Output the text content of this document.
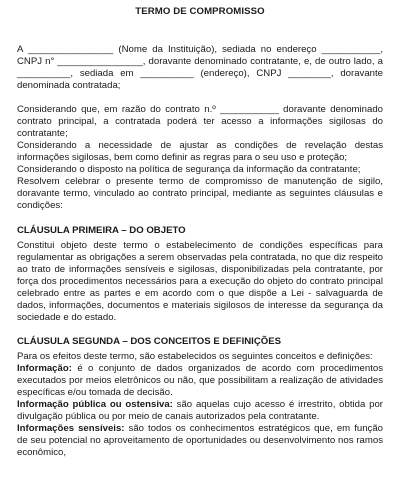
TERMO DE COMPROMISSO

A ________________ (Nome da Instituição), sediada no endereço ___________, CNPJ n° ________________, doravante denominado contratante, e, de outro lado, a __________, sediada em __________ (endereço), CNPJ ________, doravante denominada contratada;

Considerando que, em razão do contrato n.º ___________ doravante denominado contrato principal, a contratada poderá ter acesso a informações sigilosas do contratante;

Considerando a necessidade de ajustar as condições de revelação destas informações sigilosas, bem como definir as regras para o seu uso e proteção;

Considerando o disposto na política de segurança da informação da contratante;

Resolvem celebrar o presente termo de compromisso de manutenção de sigilo, doravante termo, vinculado ao contrato principal, mediante as seguintes cláusulas e condições:

CLÁUSULA PRIMEIRA – DO OBJETO

Constitui objeto deste termo o estabelecimento de condições específicas para regulamentar as obrigações a serem observadas pela contratada, no que diz respeito ao trato de informações sensíveis e sigilosas, disponibilizadas pela contratante, por força dos procedimentos necessários para a execução do objeto do contrato principal celebrado entre as partes e em acordo com o que dispõe a Lei - salvaguarda de dados, informações, documentos e materiais sigilosos de interesse da segurança da sociedade e do estado.

CLÁUSULA SEGUNDA – DOS CONCEITOS E DEFINIÇÕES

Para os efeitos deste termo, são estabelecidos os seguintes conceitos e definições:

Informação: é o conjunto de dados organizados de acordo com procedimentos executados por meios eletrônicos ou não, que possibilitam a realização de atividades específicas e/ou tomada de decisão.

Informação pública ou ostensiva: são aquelas cujo acesso é irrestrito, obtida por divulgação pública ou por meio de canais autorizados pela contratante.

Informações sensíveis: são todos os conhecimentos estratégicos que, em função de seu potencial no aproveitamento de oportunidades ou desenvolvimento nos ramos econômico,
